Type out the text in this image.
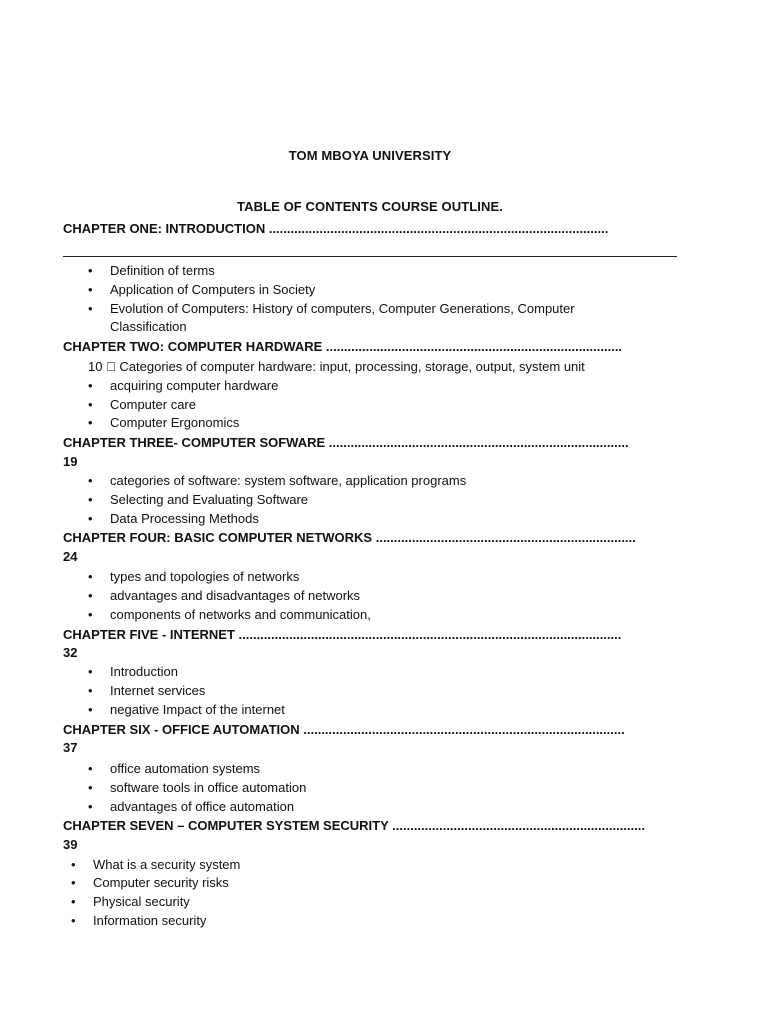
TOM MBOYA UNIVERSITY
TABLE OF CONTENTS COURSE OUTLINE.
CHAPTER ONE: INTRODUCTION ..............................................................................................
• Definition of terms
• Application of Computers in Society
• Evolution of Computers: History of computers, Computer Generations, Computer
Classification
CHAPTER TWO: COMPUTER HARDWARE ..................................................................................
10 Categories of computer hardware: input, processing, storage, output, system unit
• acquiring computer hardware
• Computer care
• Computer Ergonomics
CHAPTER THREE- COMPUTER SOFWARE ...................................................................................
19
• categories of software: system software, application programs
• Selecting and Evaluating Software
• Data Processing Methods
CHAPTER FOUR: BASIC COMPUTER NETWORKS ........................................................................
24
• types and topologies of networks
• advantages and disadvantages of networks
• components of networks and communication,
CHAPTER FIVE - INTERNET ..........................................................................................................
32
• Introduction
• Internet services
• negative Impact of the internet
CHAPTER SIX - OFFICE AUTOMATION .........................................................................................
37
• office automation systems
• software tools in office automation
• advantages of office automation
CHAPTER SEVEN – COMPUTER SYSTEM SECURITY ......................................................................
39
• What is a security system
• Computer security risks
• Physical security
• Information security
